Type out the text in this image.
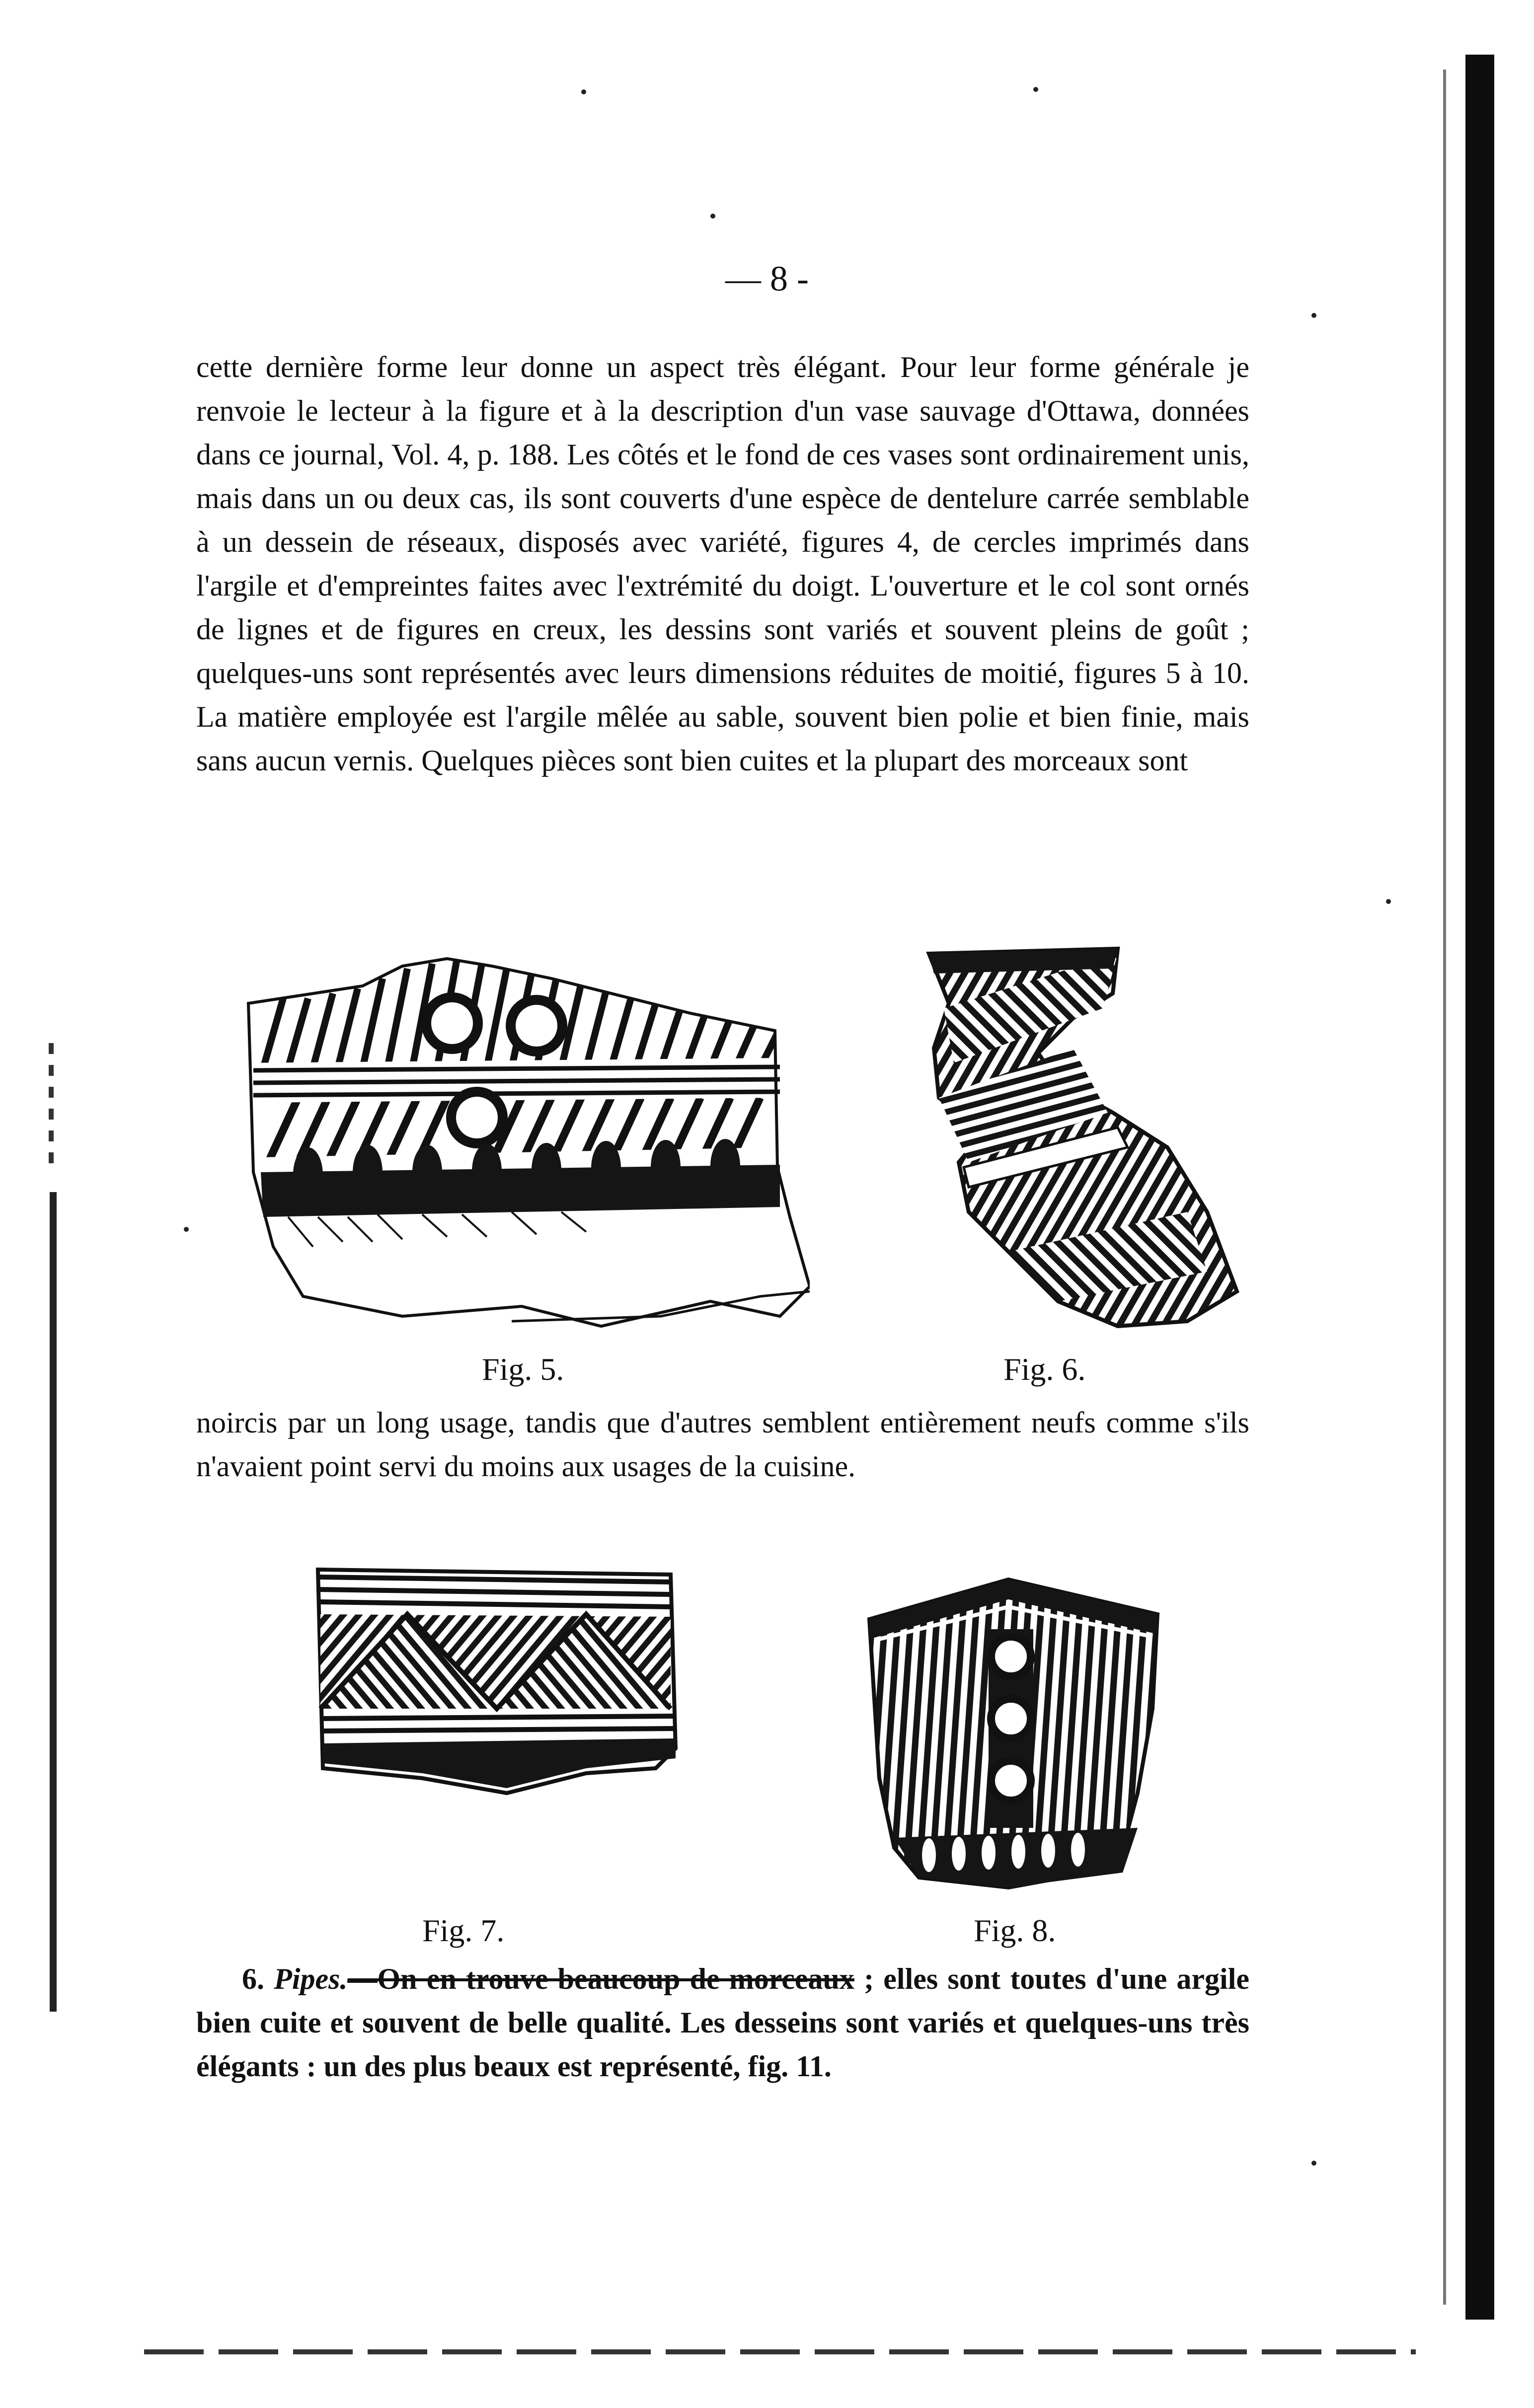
— 8 -

cette dernière forme leur donne un aspect très élégant. Pour leur forme générale je renvoie le lecteur à la figure et à la description d'un vase sauvage d'Ottawa, données dans ce journal, Vol. 4, p. 188. Les côtés et le fond de ces vases sont ordinairement unis, mais dans un ou deux cas, ils sont couverts d'une espèce de dentelure carrée semblable à un dessein de réseaux, disposés avec variété, figures 4, de cercles imprimés dans l'argile et d'empreintes faites avec l'extrémité du doigt. L'ouverture et le col sont ornés de lignes et de figures en creux, les dessins sont variés et souvent pleins de goût ; quelques-uns sont représentés avec leurs dimensions réduites de moitié, figures 5 à 10. La matière employée est l'argile mêlée au sable, souvent bien polie et bien finie, mais sans aucun vernis. Quelques pièces sont bien cuites et la plupart des morceaux sont

Fig. 5.	Fig. 6.

noircis par un long usage, tandis que d'autres semblent entièrement neufs comme s'ils n'avaient point servi du moins aux usages de la cuisine.

Fig. 7.	Fig. 8.

6. Pipes.—On en trouve beaucoup de morceaux ; elles sont toutes d'une argile bien cuite et souvent de belle qualité. Les desseins sont variés et quelques-uns très élégants : un des plus beaux est représenté, fig. 11.
